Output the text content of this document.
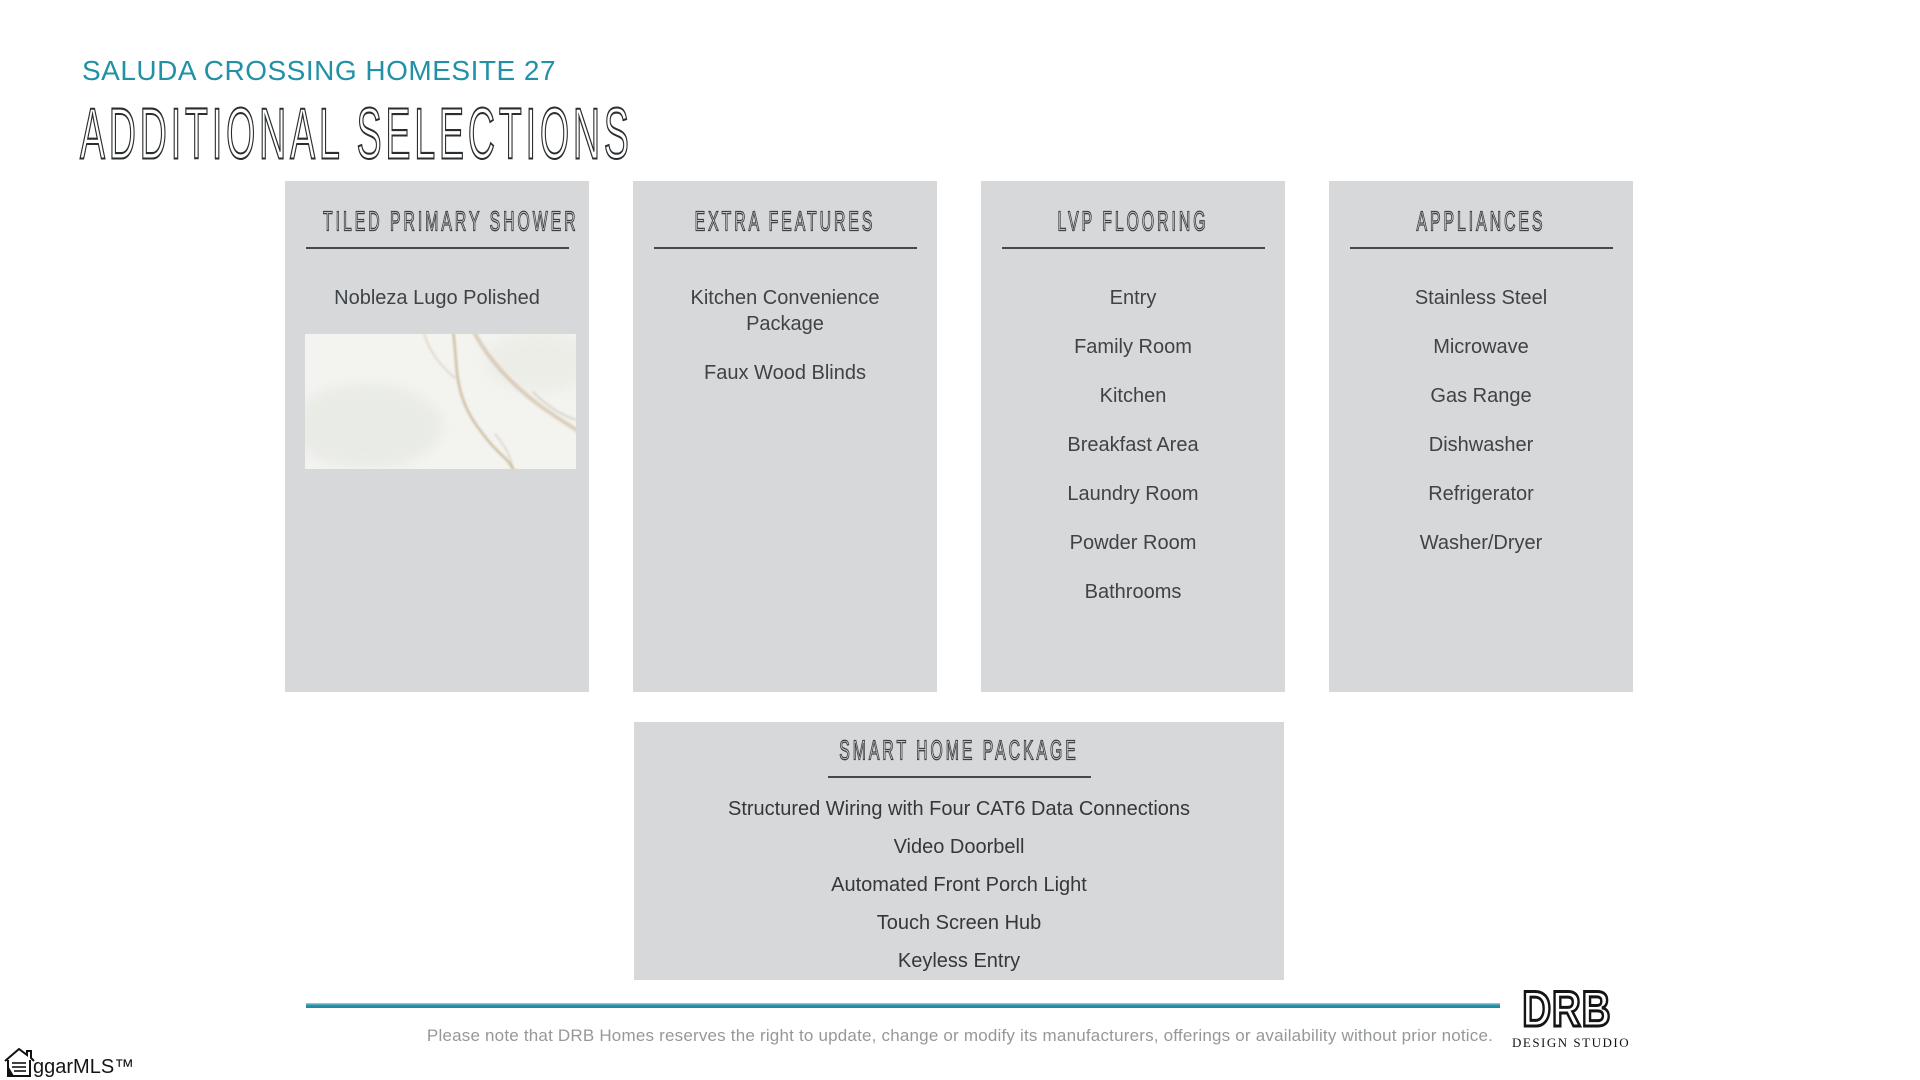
SALUDA CROSSING HOMESITE 27
ADDITIONAL SELECTIONS
TILED PRIMARY SHOWER
Nobleza Lugo Polished
EXTRA FEATURES
Kitchen Convenience Package
Faux Wood Blinds
LVP FLOORING
Entry
Family Room
Kitchen
Breakfast Area
Laundry Room
Powder Room
Bathrooms
APPLIANCES
Stainless Steel
Microwave
Gas Range
Dishwasher
Refrigerator
Washer/Dryer
SMART HOME PACKAGE
Structured Wiring with Four CAT6 Data Connections
Video Doorbell
Automated Front Porch Light
Touch Screen Hub
Keyless Entry
Please note that DRB Homes reserves the right to update, change or modify its manufacturers, offerings or availability without prior notice. DRB
DESIGN STUDIO
ggarMLS™
